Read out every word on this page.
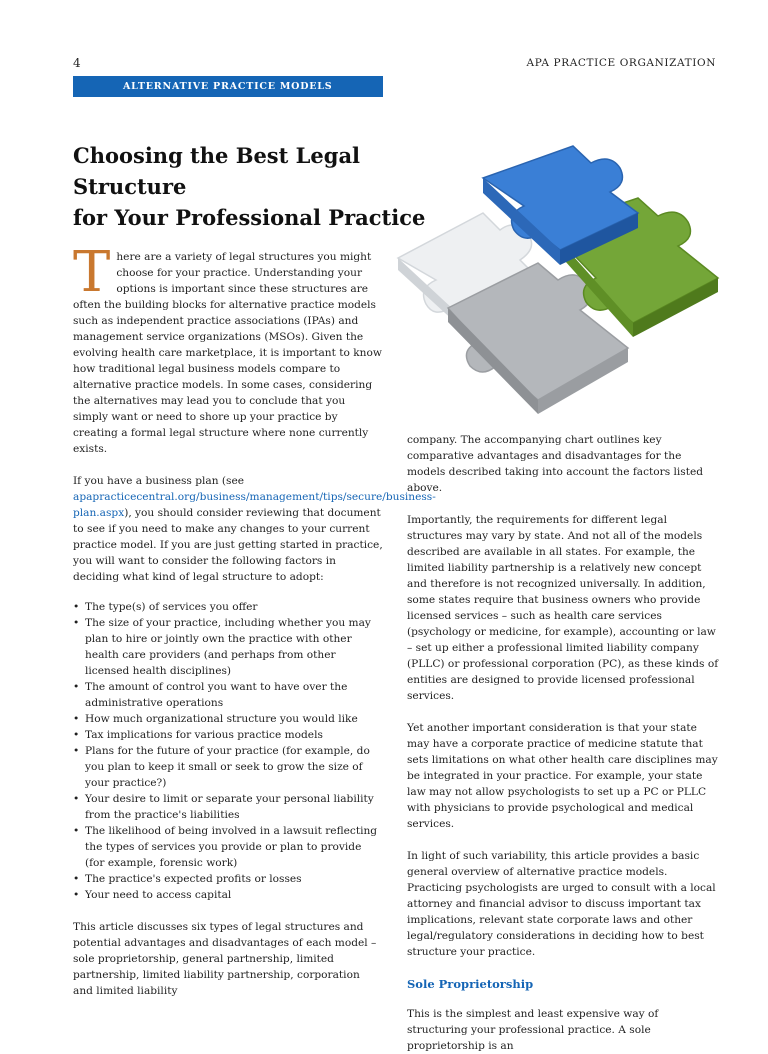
4	APA PRACTICE ORGANIZATION
ALTERNATIVE PRACTICE MODELS
Choosing the Best Legal Structure
for Your Professional Practice

There are a variety of legal structures you might choose for your practice. Understanding your options is important since these structures are often the building blocks for alternative practice models such as independent practice associations (IPAs) and management service organizations (MSOs). Given the evolving health care marketplace, it is important to know how traditional legal business models compare to alternative practice models. In some cases, considering the alternatives may lead you to conclude that you simply want or need to shore up your practice by creating a formal legal structure where none currently exists.

If you have a business plan (see apapracticecentral.org/business/management/tips/secure/business-plan.aspx), you should consider reviewing that document to see if you need to make any changes to your current practice model. If you are just getting started in practice, you will want to consider the following factors in deciding what kind of legal structure to adopt:

• The type(s) of services you offer
• The size of your practice, including whether you may plan to hire or jointly own the practice with other health care providers (and perhaps from other licensed health disciplines)
• The amount of control you want to have over the administrative operations
• How much organizational structure you would like
• Tax implications for various practice models
• Plans for the future of your practice (for example, do you plan to keep it small or seek to grow the size of your practice?)
• Your desire to limit or separate your personal liability from the practice's liabilities
• The likelihood of being involved in a lawsuit reflecting the types of services you provide or plan to provide (for example, forensic work)
• The practice's expected profits or losses
• Your need to access capital

This article discusses six types of legal structures and potential advantages and disadvantages of each model – sole proprietorship, general partnership, limited partnership, limited liability partnership, corporation and limited liability

company. The accompanying chart outlines key comparative advantages and disadvantages for the models described taking into account the factors listed above.

Importantly, the requirements for different legal structures may vary by state. And not all of the models described are available in all states. For example, the limited liability partnership is a relatively new concept and therefore is not recognized universally. In addition, some states require that business owners who provide licensed services – such as health care services (psychology or medicine, for example), accounting or law – set up either a professional limited liability company (PLLC) or professional corporation (PC), as these kinds of entities are designed to provide licensed professional services.

Yet another important consideration is that your state may have a corporate practice of medicine statute that sets limitations on what other health care disciplines may be integrated in your practice. For example, your state law may not allow psychologists to set up a PC or PLLC with physicians to provide psychological and medical services.

In light of such variability, this article provides a basic general overview of alternative practice models. Practicing psychologists are urged to consult with a local attorney and financial advisor to discuss important tax implications, relevant state corporate laws and other legal/regulatory considerations in deciding how to best structure your practice.

Sole Proprietorship

This is the simplest and least expensive way of structuring your professional practice. A sole proprietorship is an
